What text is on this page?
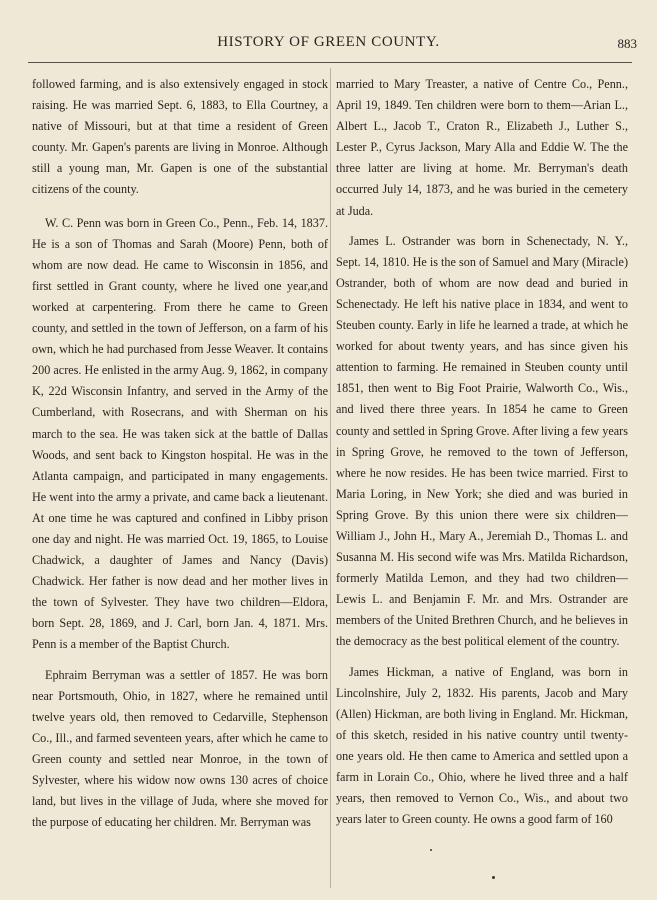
HISTORY OF GREEN COUNTY.	883

followed farming, and is also extensively engaged in stock raising. He was married Sept. 6, 1883, to Ella Courtney, a native of Missouri, but at that time a resident of Green county. Mr. Gapen's parents are living in Monroe. Although still a young man, Mr. Gapen is one of the substantial citizens of the county.

W. C. Penn was born in Green Co., Penn., Feb. 14, 1837. He is a son of Thomas and Sarah (Moore) Penn, both of whom are now dead. He came to Wisconsin in 1856, and first settled in Grant county, where he lived one year,and worked at carpentering. From there he came to Green county, and settled in the town of Jefferson, on a farm of his own, which he had purchased from Jesse Weaver. It contains 200 acres. He enlisted in the army Aug. 9, 1862, in company K, 22d Wisconsin Infantry, and served in the Army of the Cumberland, with Rosecrans, and with Sherman on his march to the sea. He was taken sick at the battle of Dallas Woods, and sent back to Kingston hospital. He was in the Atlanta campaign, and participated in many engagements. He went into the army a private, and came back a lieutenant. At one time he was captured and confined in Libby prison one day and night. He was married Oct. 19, 1865, to Louise Chadwick, a daughter of James and Nancy (Davis) Chadwick. Her father is now dead and her mother lives in the town of Sylvester. They have two children—Eldora, born Sept. 28, 1869, and J. Carl, born Jan. 4, 1871. Mrs. Penn is a member of the Baptist Church.

Ephraim Berryman was a settler of 1857. He was born near Portsmouth, Ohio, in 1827, where he remained until twelve years old, then removed to Cedarville, Stephenson Co., Ill., and farmed seventeen years, after which he came to Green county and settled near Monroe, in the town of Sylvester, where his widow now owns 130 acres of choice land, but lives in the village of Juda, where she moved for the purpose of educating her children. Mr. Berryman was

married to Mary Treaster, a native of Centre Co., Penn., April 19, 1849. Ten children were born to them—Arian L., Albert L., Jacob T., Craton R., Elizabeth J., Luther S., Lester P., Cyrus Jackson, Mary Alla and Eddie W. The the three latter are living at home. Mr. Berryman's death occurred July 14, 1873, and he was buried in the cemetery at Juda.

James L. Ostrander was born in Schenectady, N. Y., Sept. 14, 1810. He is the son of Samuel and Mary (Miracle) Ostrander, both of whom are now dead and buried in Schenectady. He left his native place in 1834, and went to Steuben county. Early in life he learned a trade, at which he worked for about twenty years, and has since given his attention to farming. He remained in Steuben county until 1851, then went to Big Foot Prairie, Walworth Co., Wis., and lived there three years. In 1854 he came to Green county and settled in Spring Grove. After living a few years in Spring Grove, he removed to the town of Jefferson, where he now resides. He has been twice married. First to Maria Loring, in New York; she died and was buried in Spring Grove. By this union there were six children—William J., John H., Mary A., Jeremiah D., Thomas L. and Susanna M. His second wife was Mrs. Matilda Richardson, formerly Matilda Lemon, and they had two children—Lewis L. and Benjamin F. Mr. and Mrs. Ostrander are members of the United Brethren Church, and he believes in the democracy as the best political element of the country.

James Hickman, a native of England, was born in Lincolnshire, July 2, 1832. His parents, Jacob and Mary (Allen) Hickman, are both living in England. Mr. Hickman, of this sketch, resided in his native country until twenty-one years old. He then came to America and settled upon a farm in Lorain Co., Ohio, where he lived three and a half years, then removed to Vernon Co., Wis., and about two years later to Green county. He owns a good farm of 160
